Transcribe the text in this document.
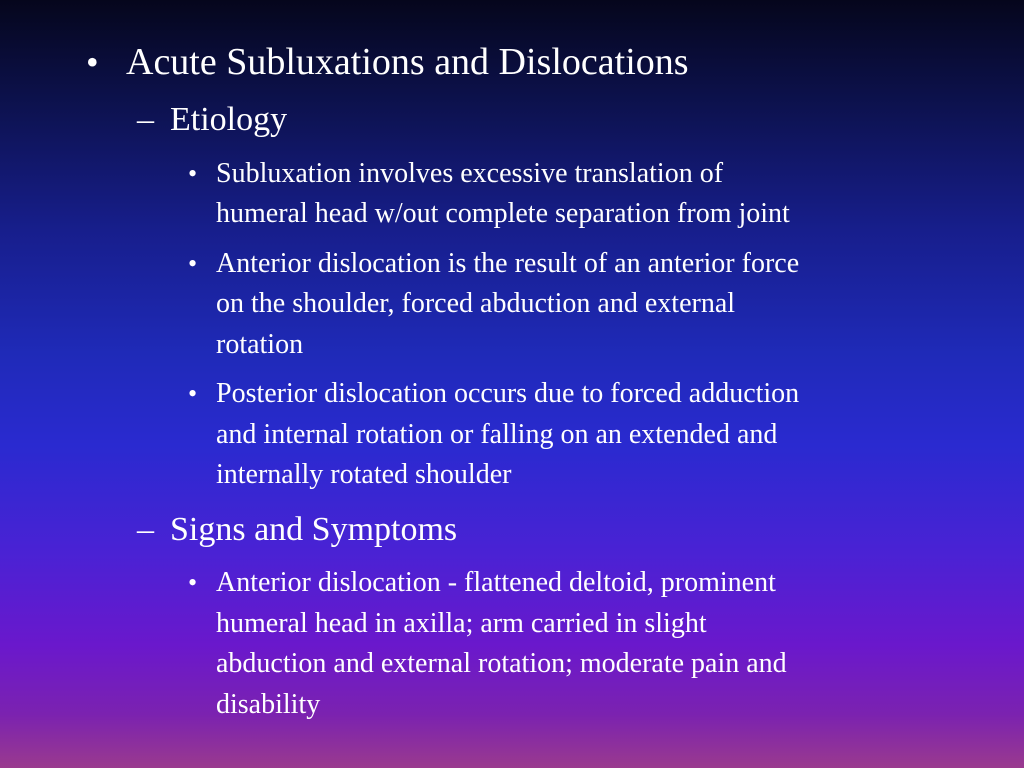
• Acute Subluxations and Dislocations
– Etiology
• Subluxation involves excessive translation of
humeral head w/out complete separation from joint
• Anterior dislocation is the result of an anterior force
on the shoulder, forced abduction and external
rotation
• Posterior dislocation occurs due to forced adduction
and internal rotation or falling on an extended and
internally rotated shoulder
– Signs and Symptoms
• Anterior dislocation - flattened deltoid, prominent
humeral head in axilla; arm carried in slight
abduction and external rotation; moderate pain and
disability
